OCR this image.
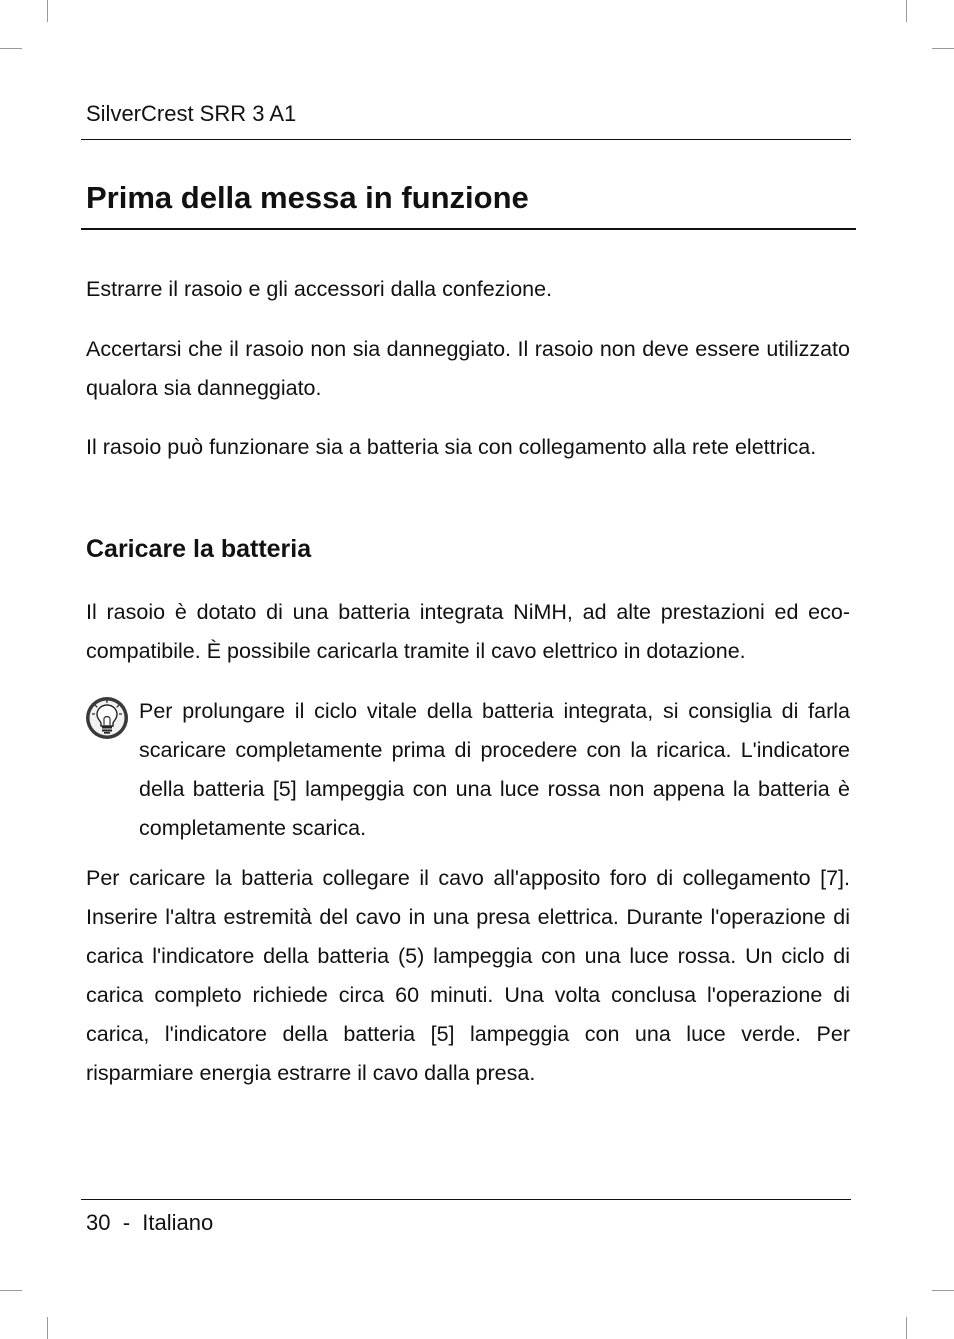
SilverCrest SRR 3 A1
Prima della messa in funzione
Estrarre il rasoio e gli accessori dalla confezione.
Accertarsi che il rasoio non sia danneggiato. Il rasoio non deve essere utilizzato qualora sia danneggiato.
Il rasoio può funzionare sia a batteria sia con collegamento alla rete elettrica.
Caricare la batteria
Il rasoio è dotato di una batteria integrata NiMH, ad alte prestazioni ed eco-compatibile. È possibile caricarla tramite il cavo elettrico in dotazione.
Per prolungare il ciclo vitale della batteria integrata, si consiglia di farla scaricare completamente prima di procedere con la ricarica. L'indicatore della batteria [5] lampeggia con una luce rossa non appena la batteria è completamente scarica.
Per caricare la batteria collegare il cavo all'apposito foro di collegamento [7]. Inserire l'altra estremità del cavo in una presa elettrica. Durante l'operazione di carica l'indicatore della batteria (5) lampeggia con una luce rossa. Un ciclo di carica completo richiede circa 60 minuti. Una volta conclusa l'operazione di carica, l'indicatore della batteria [5] lampeggia con una luce verde. Per risparmiare energia estrarre il cavo dalla presa.
30 - Italiano
